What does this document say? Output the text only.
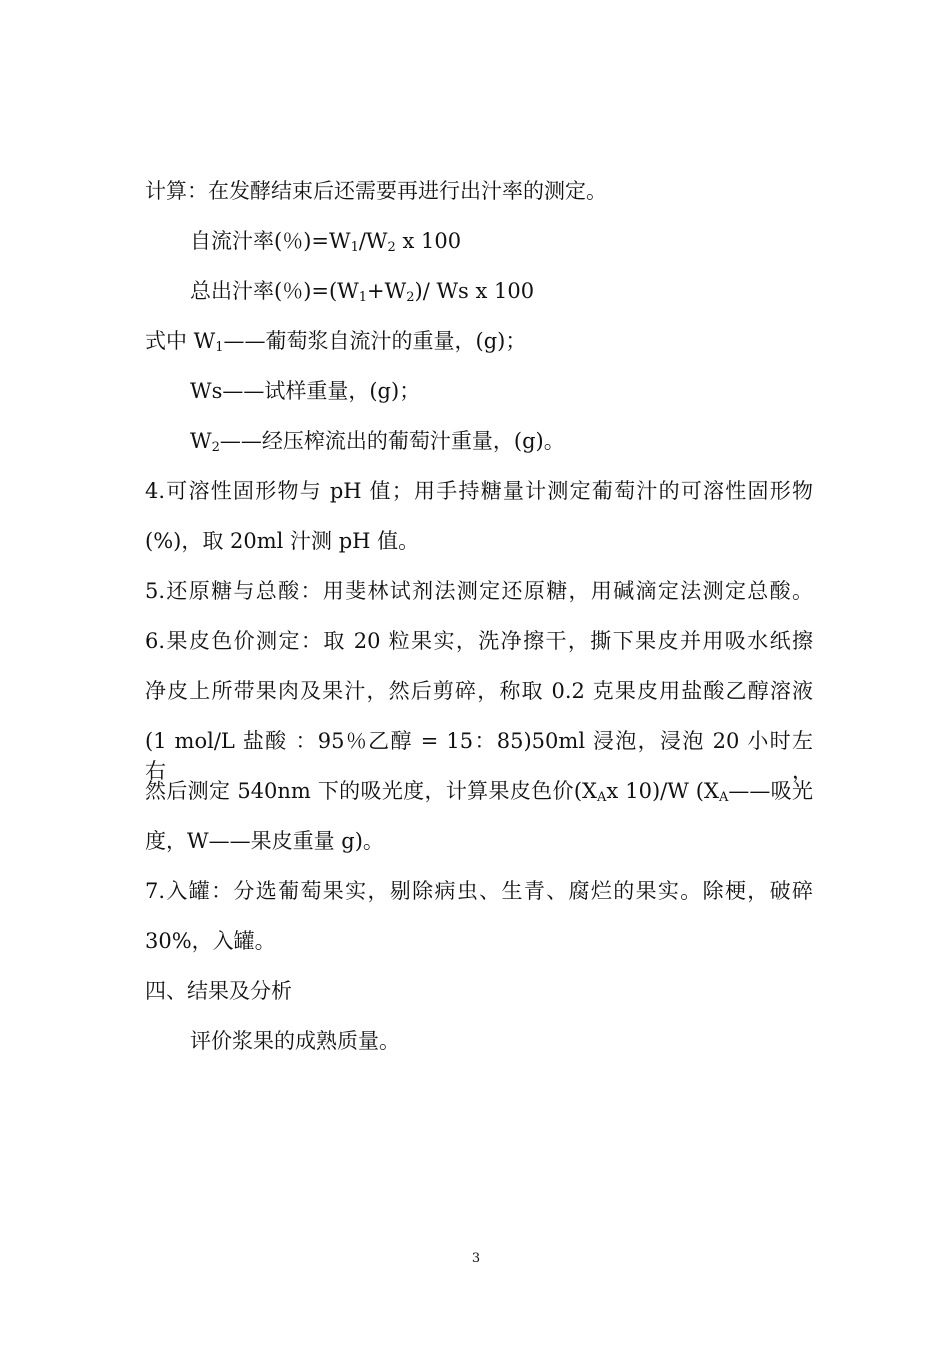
计算：在发酵结束后还需要再进行出汁率的测定。
自流汁率(％)$=W_1/W_2$ x 100
总出汁率(％)$=(W_1+W_2)/$ Ws x 100
式中 $W_1——$葡萄浆自流汁的重量，(g)；
Ws——试样重量，(g)；
$W_2——$经压榨流出的葡萄汁重量，(g)。
4.可溶性固形物与 pH 值；用手持糖量计测定葡萄汁的可溶性固形物
(%)，取 20ml 汁测 pH 值。
5.还原糖与总酸：用斐林试剂法测定还原糖，用碱滴定法测定总酸。
6.果皮色价测定：取 20 粒果实，洗净擦干，撕下果皮并用吸水纸擦
净皮上所带果肉及果汁，然后剪碎，称取 0.2 克果皮用盐酸乙醇溶液
(1 mol/L 盐酸 ：95％乙醇 = 15：85)50ml 浸泡，浸泡 20 小时左右，
然后测定 540nm 下的吸光度，计算果皮色价($X_Ax$ 10)/W ($X_A——$吸光
度，W——果皮重量 g)。
7.入罐：分选葡萄果实，剔除病虫、生青、腐烂的果实。除梗，破碎
30%，入罐。
四、结果及分析
评价浆果的成熟质量。
3
